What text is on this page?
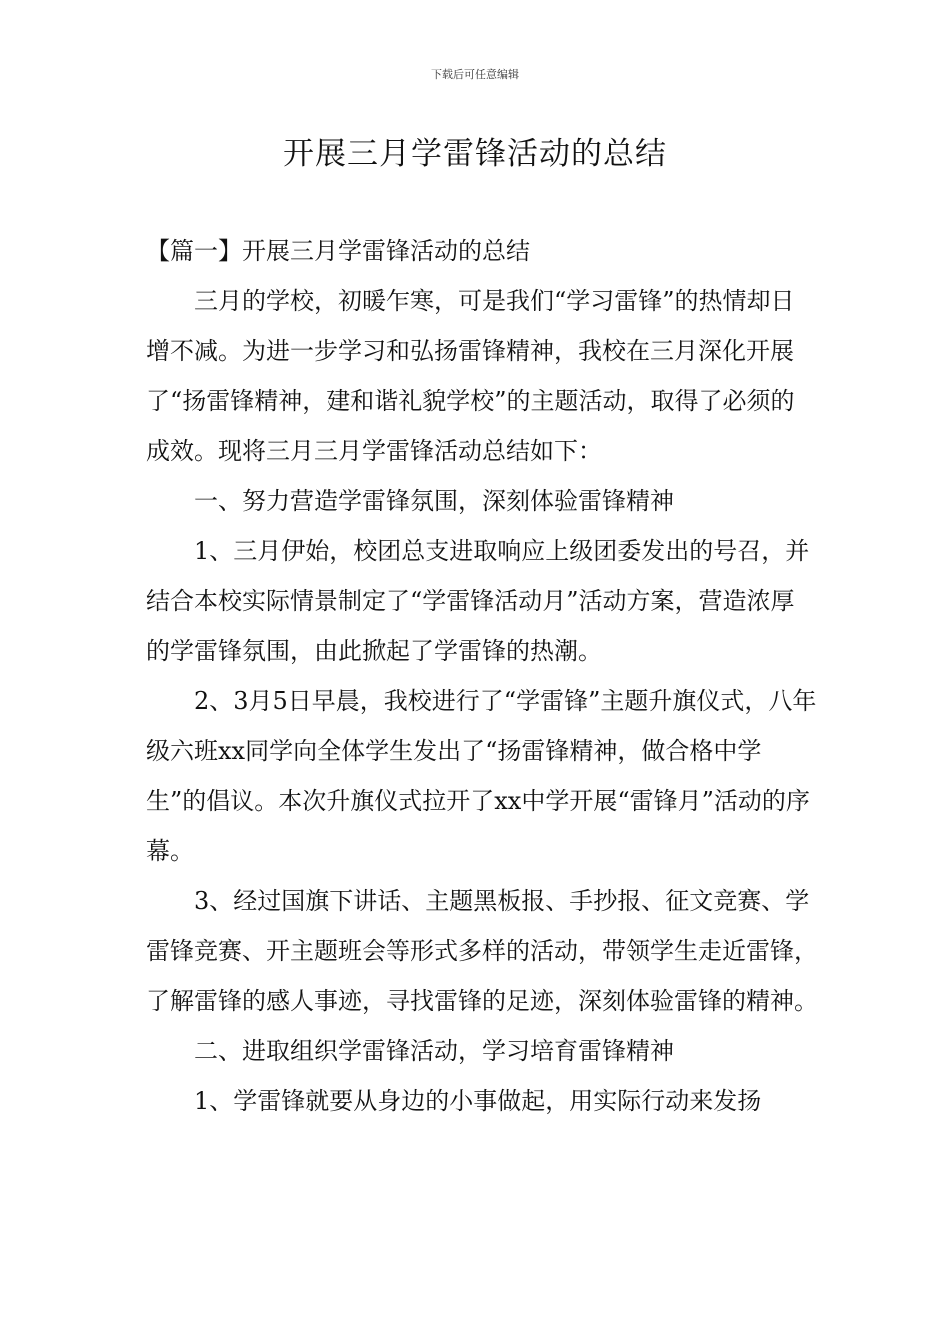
下载后可任意编辑
开展三月学雷锋活动的总结

【篇一】开展三月学雷锋活动的总结

三月的学校，初暖乍寒，可是我们“学习雷锋”的热情却日增不减。为进一步学习和弘扬雷锋精神，我校在三月深化开展了“扬雷锋精神，建和谐礼貌学校”的主题活动，取得了必须的成效。现将三月三月学雷锋活动总结如下：

一、努力营造学雷锋氛围，深刻体验雷锋精神

1、三月伊始，校团总支进取响应上级团委发出的号召，并结合本校实际情景制定了“学雷锋活动月”活动方案，营造浓厚的学雷锋氛围，由此掀起了学雷锋的热潮。

2、3月5日早晨，我校进行了“学雷锋”主题升旗仪式，八年级六班xx同学向全体学生发出了“扬雷锋精神，做合格中学生”的倡议。本次升旗仪式拉开了xx中学开展“雷锋月”活动的序幕。

3、经过国旗下讲话、主题黑板报、手抄报、征文竞赛、学雷锋竞赛、开主题班会等形式多样的活动，带领学生走近雷锋，了解雷锋的感人事迹，寻找雷锋的足迹，深刻体验雷锋的精神。

二、进取组织学雷锋活动，学习培育雷锋精神

1、学雷锋就要从身边的小事做起，用实际行动来发扬
